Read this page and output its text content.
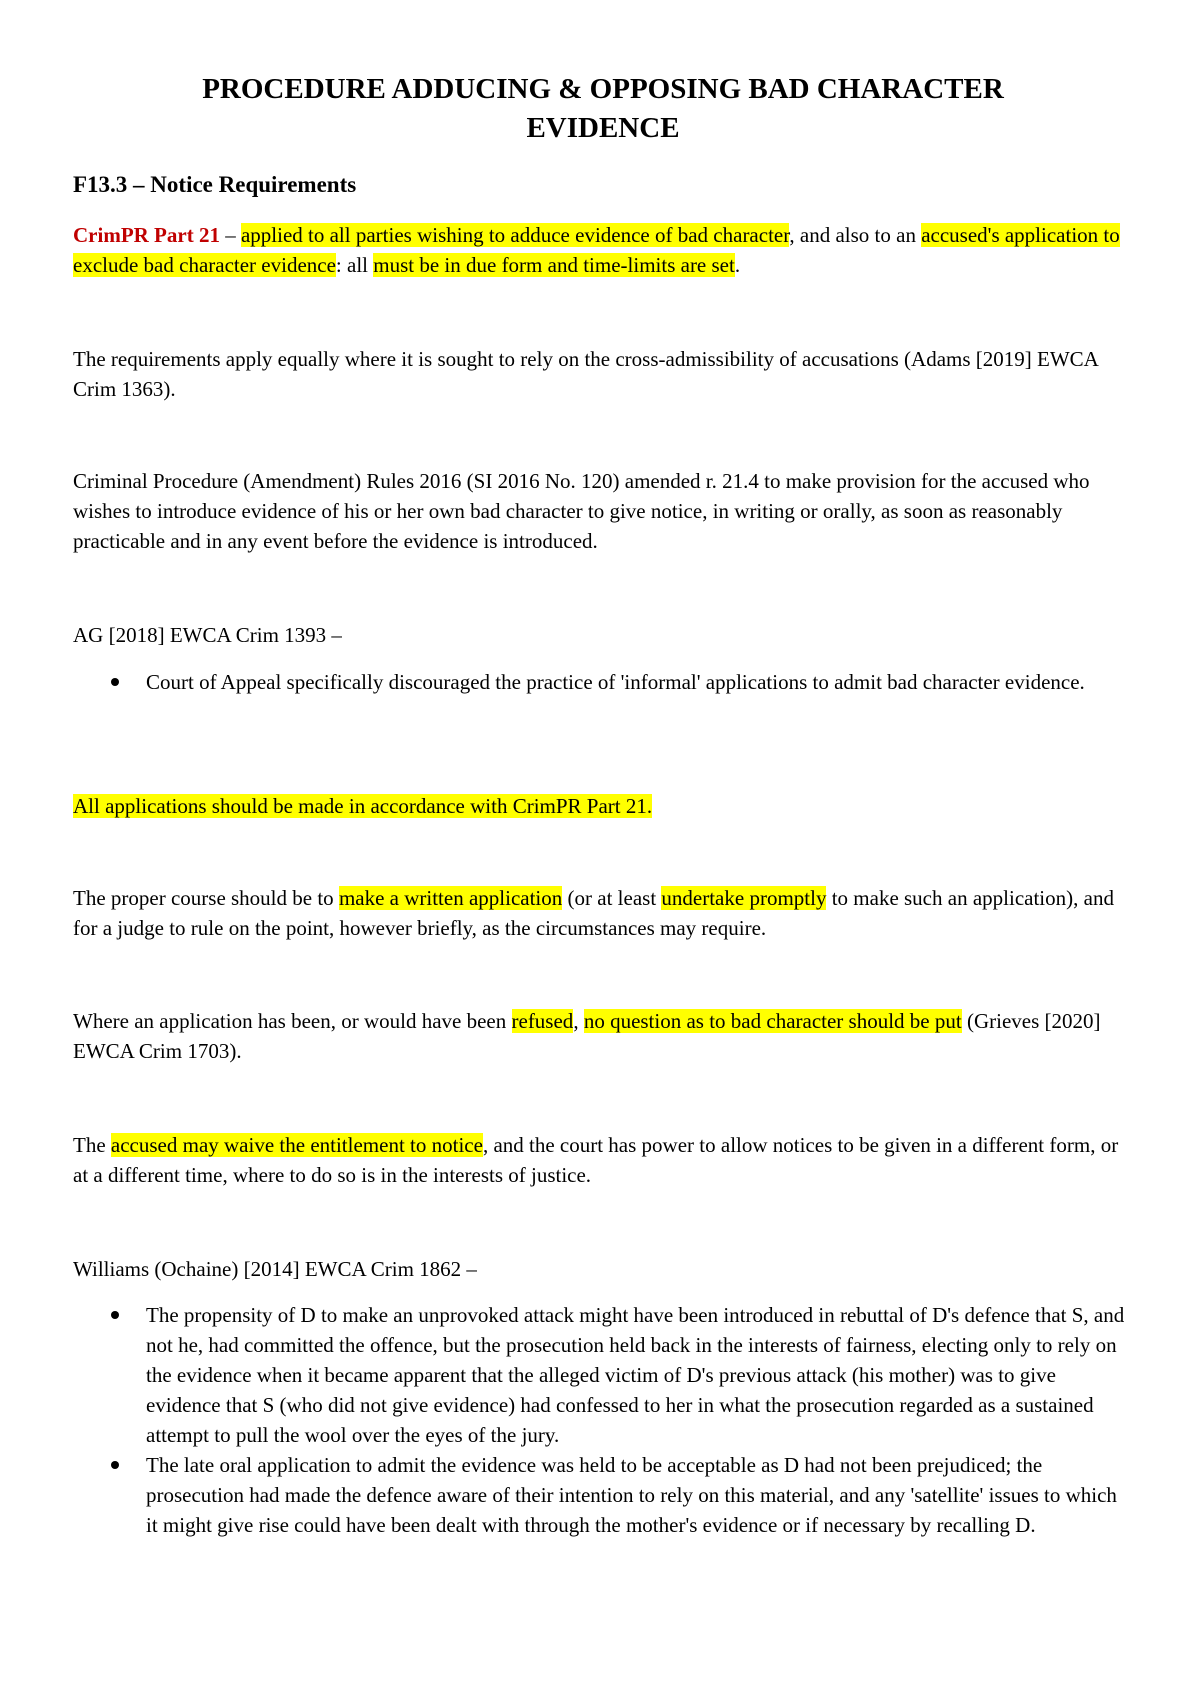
PROCEDURE ADDUCING & OPPOSING BAD CHARACTER
EVIDENCE
F13.3 – Notice Requirements
CrimPR Part 21 – applied to all parties wishing to adduce evidence of bad character, and also to an accused's application to exclude bad character evidence: all must be in due form and time-limits are set.
The requirements apply equally where it is sought to rely on the cross-admissibility of accusations (Adams [2019] EWCA Crim 1363).
Criminal Procedure (Amendment) Rules 2016 (SI 2016 No. 120) amended r. 21.4 to make provision for the accused who wishes to introduce evidence of his or her own bad character to give notice, in writing or orally, as soon as reasonably practicable and in any event before the evidence is introduced.
AG [2018] EWCA Crim 1393 –
Court of Appeal specifically discouraged the practice of 'informal' applications to admit bad character evidence.
All applications should be made in accordance with CrimPR Part 21.
The proper course should be to make a written application (or at least undertake promptly to make such an application), and for a judge to rule on the point, however briefly, as the circumstances may require.
Where an application has been, or would have been refused, no question as to bad character should be put (Grieves [2020] EWCA Crim 1703).
The accused may waive the entitlement to notice, and the court has power to allow notices to be given in a different form, or at a different time, where to do so is in the interests of justice.
Williams (Ochaine) [2014] EWCA Crim 1862 –
The propensity of D to make an unprovoked attack might have been introduced in rebuttal of D's defence that S, and not he, had committed the offence, but the prosecution held back in the interests of fairness, electing only to rely on the evidence when it became apparent that the alleged victim of D's previous attack (his mother) was to give evidence that S (who did not give evidence) had confessed to her in what the prosecution regarded as a sustained attempt to pull the wool over the eyes of the jury.
The late oral application to admit the evidence was held to be acceptable as D had not been prejudiced; the prosecution had made the defence aware of their intention to rely on this material, and any 'satellite' issues to which it might give rise could have been dealt with through the mother's evidence or if necessary by recalling D.
